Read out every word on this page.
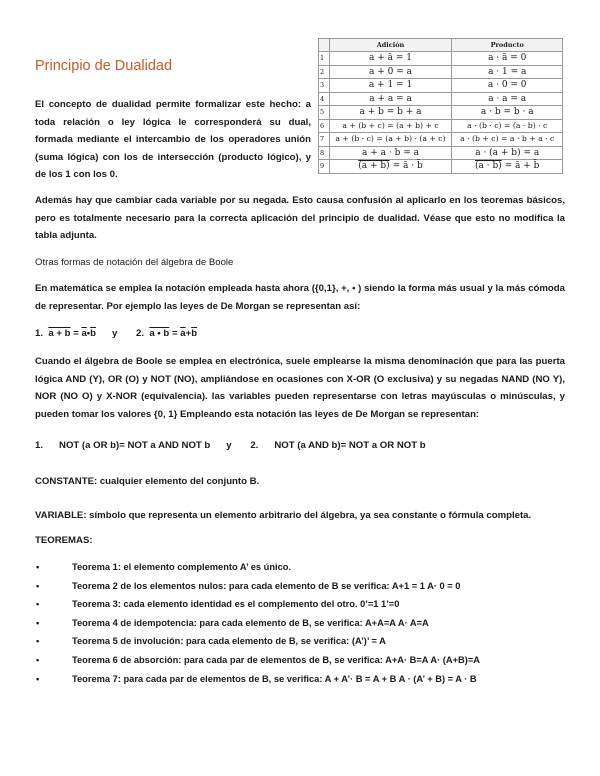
Principio de Dualidad
	Adición	Producto
1	a + ā = 1	a · ā = 0
2	a + 0 = a	a · 1 = a
3	a + 1 = 1	a · 0 = 0
4	a + a = a	a · a = a
5	a + b = b + a	a · b = b · a
6	a + (b + c) = (a + b) + c	a · (b · c) = (a · b) · c
7	a + (b · c) = (a + b) · (a + c)	a · (b + c) = a · b + a · c
8	a + a · b = a	a · (a + b) = a
9	(a + b) = ā · b̄	(a · b) = ā + b̄
El concepto de dualidad permite formalizar este hecho: a
toda relación o ley lógica le corresponderá su dual,
formada mediante el intercambio de los operadores unión
(suma lógica) con los de intersección (producto lógico), y
de los 1 con los 0.

Además hay que cambiar cada variable por su negada. Esto causa confusión al aplicarlo en los teoremas básicos, pero es totalmente necesario para la correcta aplicación del principio de dualidad. Véase que esto no modifica la tabla adjunta.

Otras formas de notación del álgebra de Boole

En matemática se emplea la notación empleada hasta ahora ({0,1}, +, • ) siendo la forma más usual y la más cómoda de representar. Por ejemplo las leyes de De Morgan se representan así:

1. $a + b = \overline{a}•\overline{b}$ y 2. a • $b = \overline{a}+\overline{b}$

Cuando el álgebra de Boole se emplea en electrónica, suele emplearse la misma denominación que para las puerta lógica AND (Y), OR (O) y NOT (NO), ampliándose en ocasiones con X-OR (O exclusiva) y su negadas NAND (NO Y), NOR (NO O) y X-NOR (equivalencia). las variables pueden representarse con letras mayúsculas o minúsculas, y pueden tomar los valores {0, 1} Empleando esta notación las leyes de De Morgan se representan:

1. NOT (a OR b)= NOT a AND NOT b y 2. NOT (a AND b)= NOT a OR NOT b

CONSTANTE: cualquier elemento del conjunto B.

VARIABLE: símbolo que representa un elemento arbitrario del álgebra, ya sea constante o fórmula completa.

TEOREMAS:

• Teorema 1: el elemento complemento A’ es único.
• Teorema 2 de los elementos nulos: para cada elemento de B se verifica: A+1 = 1 A· 0 = 0
• Teorema 3: cada elemento identidad es el complemento del otro. 0’=1 1’=0
• Teorema 4 de idempotencia: para cada elemento de B, se verifica: A+A=A A· A=A
• Teorema 5 de involución: para cada elemento de B, se verifica: (A’)’ = A
• Teorema 6 de absorción: para cada par de elementos de B, se verifica: A+A· B=A A· (A+B)=A
• Teorema 7: para cada par de elementos de B, se verifica: A + A’· B = A + B A · (A’ + B) = A · B
